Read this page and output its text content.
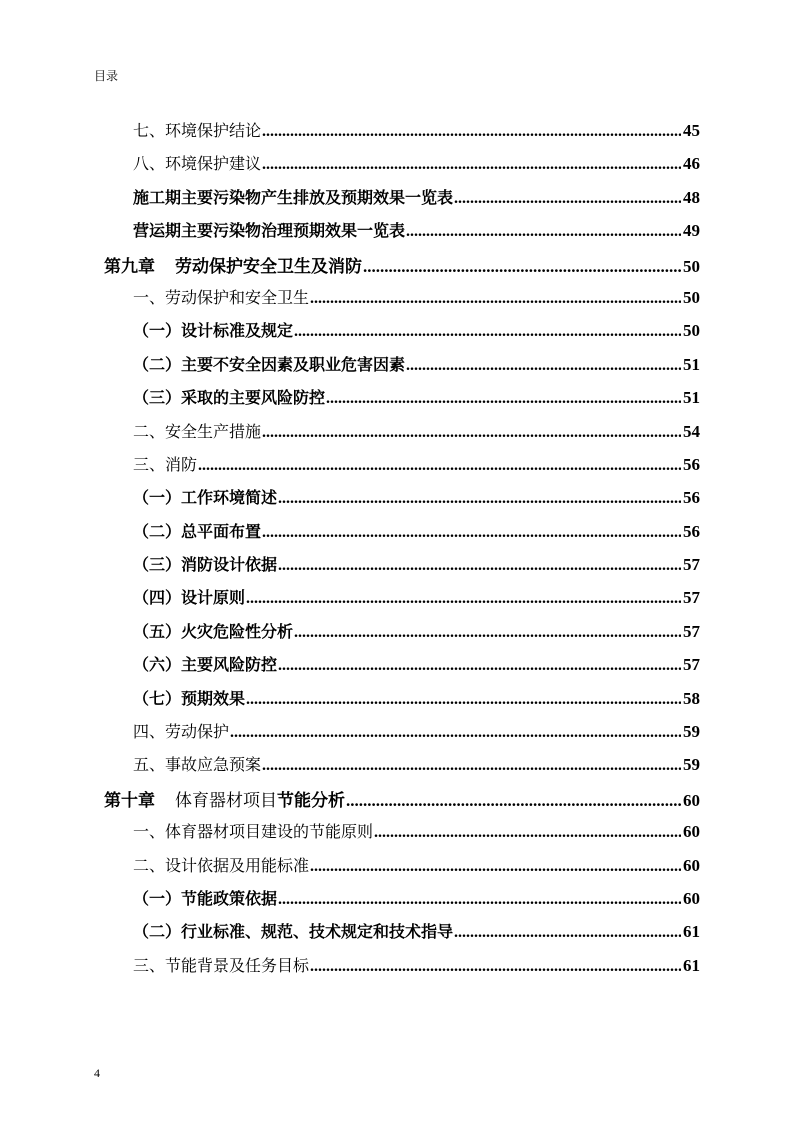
目录
七、环境保护结论 .....	45
八、环境保护建议 .....	46
施工期主要污染物产生排放及预期效果一览表 .....	48
营运期主要污染物治理预期效果一览表 .....	49
第九章 劳动保护安全卫生及消防 .....	50
一、劳动保护和安全卫生 .....	50
（一）设计标准及规定 .....	50
（二）主要不安全因素及职业危害因素 .....	51
（三）采取的主要风险防控 .....	51
二、安全生产措施 .....	54
三、消防 .....	56
（一）工作环境简述 .....	56
（二）总平面布置 .....	56
（三）消防设计依据 .....	57
（四）设计原则 .....	57
（五）火灾危险性分析 .....	57
（六）主要风险防控 .....	57
（七）预期效果 .....	58
四、劳动保护 .....	59
五、事故应急预案 .....	59
第十章 体育器材项目节能分析 .....	60
一、体育器材项目建设的节能原则 .....	60
二、设计依据及用能标准 .....	60
（一）节能政策依据 .....	60
（二）行业标准、规范、技术规定和技术指导 .....	61
三、节能背景及任务目标 .....	61
4
